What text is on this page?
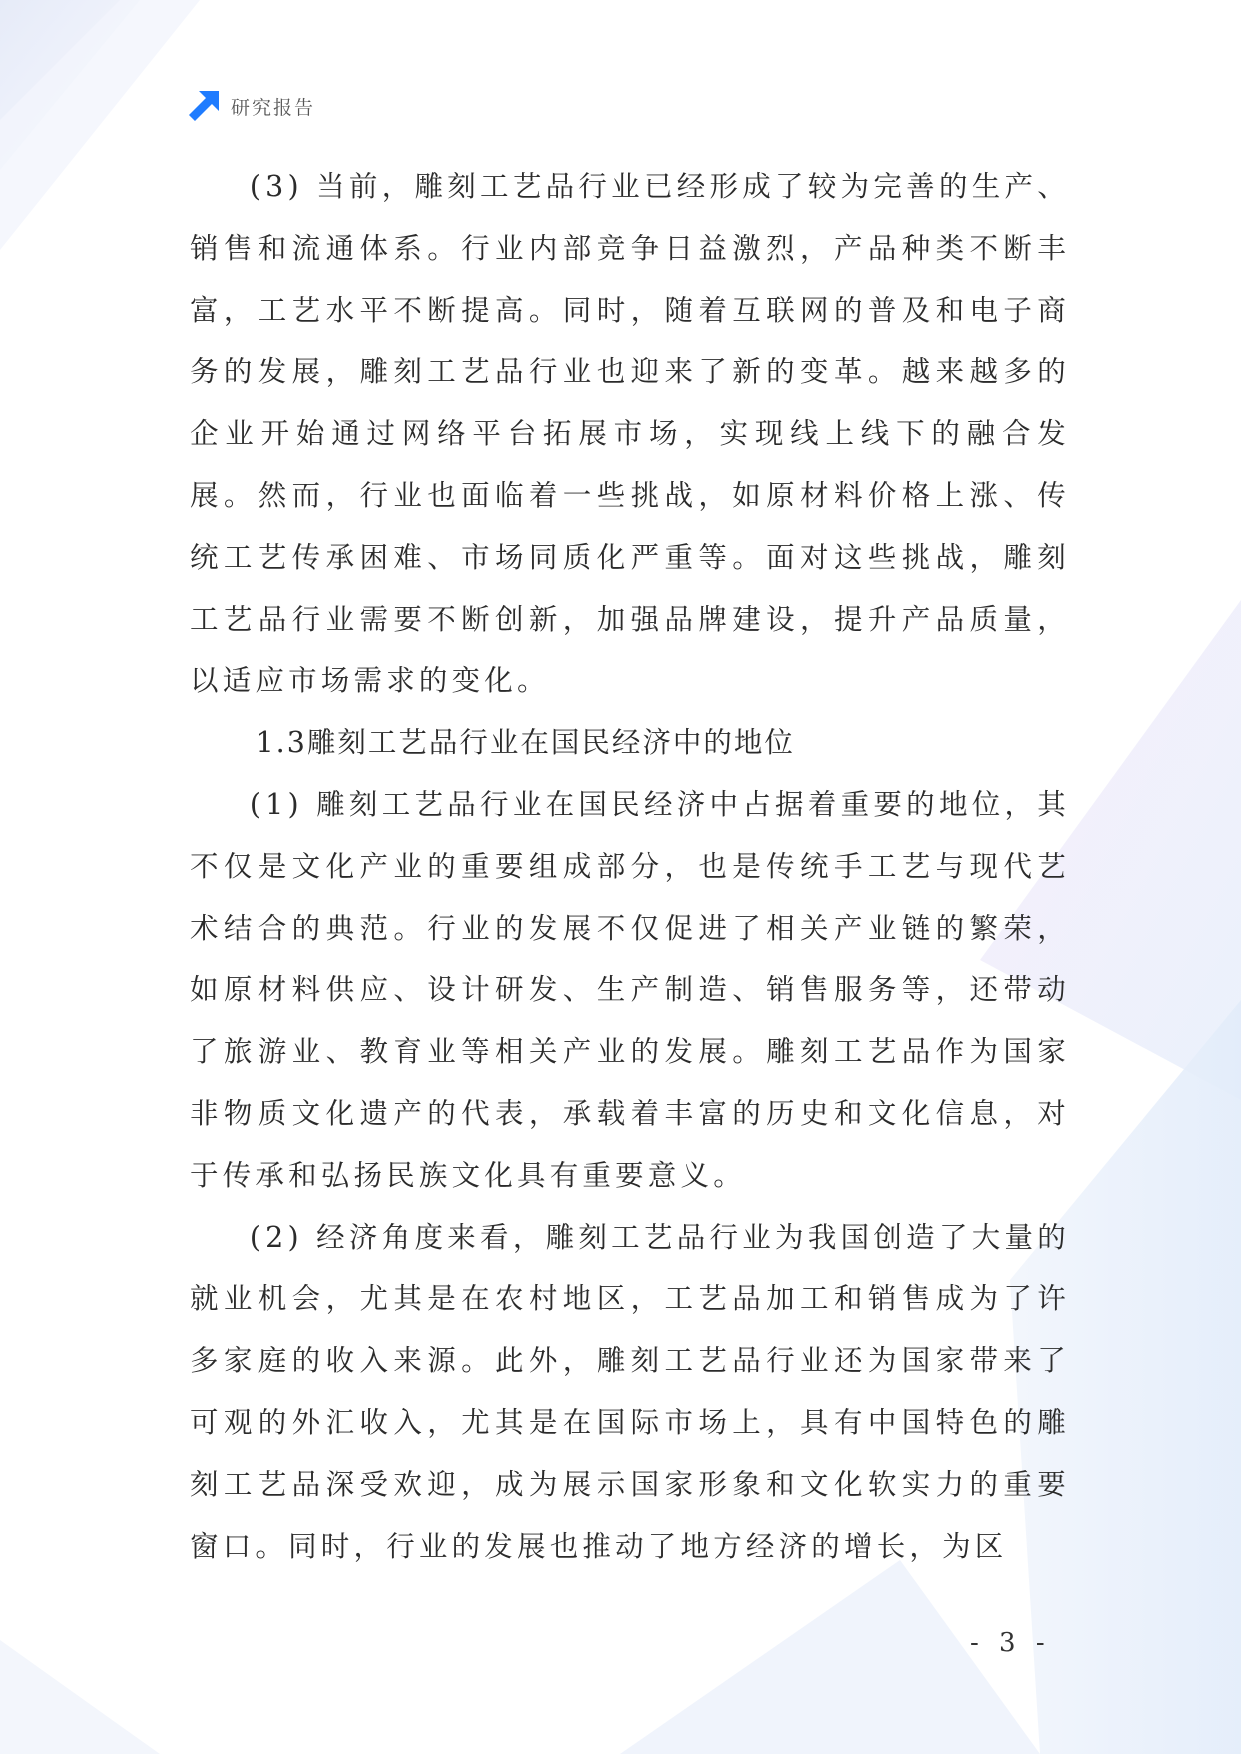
研究报告

(3) 当前，雕刻工艺品行业已经形成了较为完善的生产、销售和流通体系。行业内部竞争日益激烈，产品种类不断丰富，工艺水平不断提高。同时，随着互联网的普及和电子商务的发展，雕刻工艺品行业也迎来了新的变革。越来越多的企业开始通过网络平台拓展市场，实现线上线下的融合发展。然而，行业也面临着一些挑战，如原材料价格上涨、传统工艺传承困难、市场同质化严重等。面对这些挑战，雕刻工艺品行业需要不断创新，加强品牌建设，提升产品质量，以适应市场需求的变化。

1.3雕刻工艺品行业在国民经济中的地位

(1) 雕刻工艺品行业在国民经济中占据着重要的地位，其不仅是文化产业的重要组成部分，也是传统手工艺与现代艺术结合的典范。行业的发展不仅促进了相关产业链的繁荣，如原材料供应、设计研发、生产制造、销售服务等，还带动了旅游业、教育业等相关产业的发展。雕刻工艺品作为国家非物质文化遗产的代表，承载着丰富的历史和文化信息，对于传承和弘扬民族文化具有重要意义。

(2) 经济角度来看，雕刻工艺品行业为我国创造了大量的就业机会，尤其是在农村地区，工艺品加工和销售成为了许多家庭的收入来源。此外，雕刻工艺品行业还为国家带来了可观的外汇收入，尤其是在国际市场上，具有中国特色的雕刻工艺品深受欢迎，成为展示国家形象和文化软实力的重要窗口。同时，行业的发展也推动了地方经济的增长，为区

- 3 -
